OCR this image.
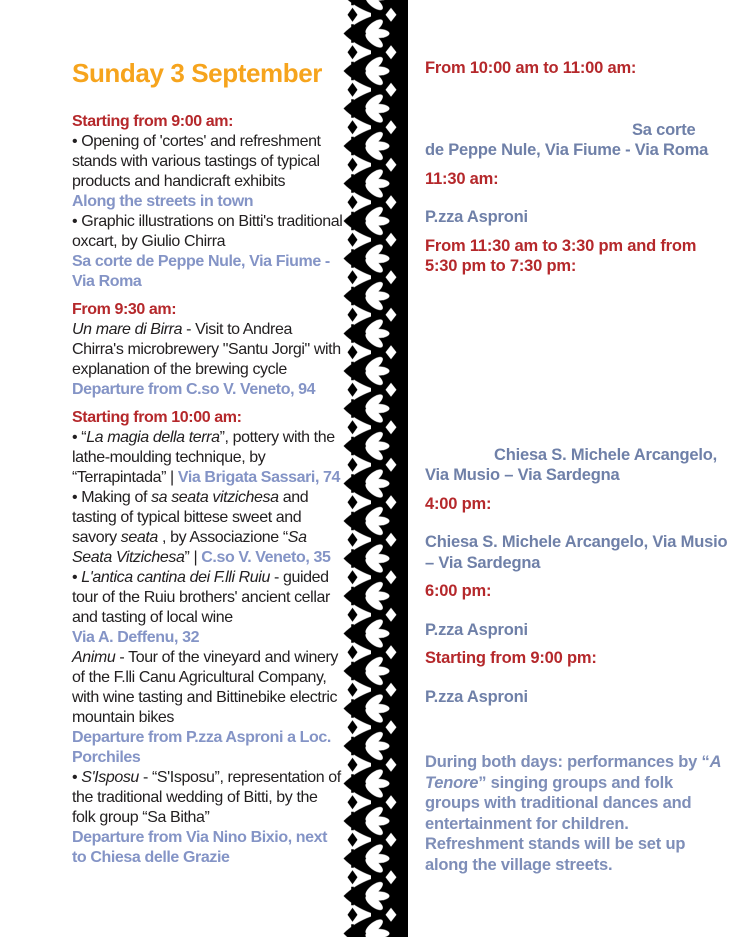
Sunday 3 September
Starting from 9:00 am:
• Opening of 'cortes' and refreshment stands with various tastings of typical products and handicraft exhibits
Along the streets in town
• Graphic illustrations on Bitti's traditional oxcart, by Giulio Chirra
Sa corte de Peppe Nule, Via Fiume - Via Roma
From 9:30 am:
Un mare di Birra - Visit to Andrea Chirra's microbrewery "Santu Jorgi" with explanation of the brewing cycle
Departure from C.so V. Veneto, 94
Starting from 10:00 am:
• “La magia della terra”, pottery with the lathe-moulding technique, by “Terrapintada” | Via Brigata Sassari, 74
• Making of sa seata vitzichesa and tasting of typical bittese sweet and savory seata , by Associazione “Sa Seata Vitzichesa” | C.so V. Veneto, 35
• L'antica cantina dei F.lli Ruiu - guided tour of the Ruiu brothers' ancient cellar and tasting of local wine
Via A. Deffenu, 32
Animu - Tour of the vineyard and winery of the F.lli Canu Agricultural Company, with wine tasting and Bittinebike electric mountain bikes
Departure from P.zza Asproni a Loc. Porchiles
• S'Isposu - “S'Isposu”, representation of the traditional wedding of Bitti, by the folk group “Sa Bitha”
Departure from Via Nino Bixio, next to Chiesa delle Grazie
From 10:00 am to 11:00 am:
Sa corte
de Peppe Nule, Via Fiume - Via Roma
11:30 am:
P.zza Asproni
From 11:30 am to 3:30 pm and from
5:30 pm to 7:30 pm:
Chiesa S. Michele Arcangelo,
Via Musio – Via Sardegna
4:00 pm:
Chiesa S. Michele Arcangelo, Via Musio
– Via Sardegna
6:00 pm:
P.zza Asproni
Starting from 9:00 pm:
P.zza Asproni
During both days: performances by “A Tenore” singing groups and folk groups with traditional dances and entertainment for children. Refreshment stands will be set up along the village streets.
